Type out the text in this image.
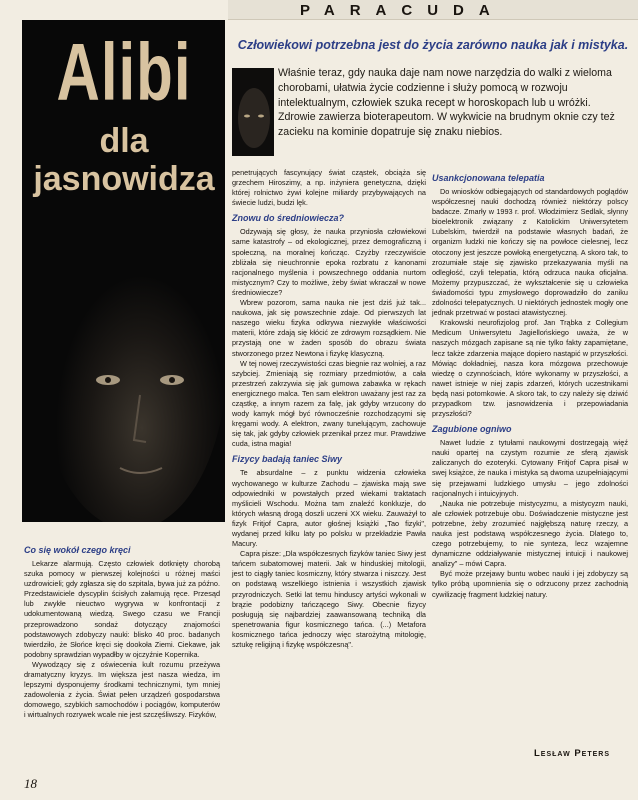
PARACUDA
Alibi
dla
jasnowidza
Człowiekowi potrzebna jest do życia zarówno nauka jak i mistyka.
Właśnie teraz, gdy nauka daje nam nowe narzędzia do walki z wieloma chorobami, ułatwia życie codzienne i służy pomocą w rozwoju intelektualnym, człowiek szuka recept w horoskopach lub u wróżki. Zdrowie zawierza bioterapeutom. W wykwicie na brudnym oknie czy też zacieku na kominie dopatruje się znaku niebios.
Co się wokół czego kręci

Lekarze alarmują. Często człowiek dotknięty chorobą szuka pomocy w pierwszej kolejności u różnej maści uzdrowicieli; gdy zgłasza się do szpitala, bywa już za późno. Przedstawiciele dyscyplin ścisłych załamują ręce. Przesąd lub zwykłe nieuctwo wygrywa w konfrontacji z udokumentowaną wiedzą. Swego czasu we Francji przeprowadzono sondaż dotyczący znajomości podstawowych zdobyczy nauki: blisko 40 proc. badanych twierdziło, że Słońce kręci się dookoła Ziemi. Ciekawe, jak podobny sprawdzian wypadłby w ojczyźnie Kopernika.

Wywodzący się z oświecenia kult rozumu przeżywa dramatyczny kryzys. Im większa jest nasza wiedza, im lepszymi dysponujemy środkami technicznymi, tym mniej zadowolenia z życia. Świat pełen urządzeń gospodarstwa domowego, szybkich samochodów i pociągów, komputerów i wirtualnych rozrywek wcale nie jest szczęśliwszy. Fizyków,

penetrujących fascynujący świat cząstek, obciąża się grzechem Hiroszimy, a np. inżyniera genetyczna, dzięki której rolnictwo żywi kolejne miliardy przybywających na świecie ludzi, budzi lęk.

Znowu do średniowiecza?

Odzywają się głosy, że nauka przyniosła człowiekowi same katastrofy – od ekologicznej, przez demograficzną i społeczną, na moralnej kończąc. Czyżby rzeczywiście zbliżała się nieuchronnie epoka rozbratu z kanonami racjonalnego myślenia i powszechnego oddania nurtom mistycznym? Czy to możliwe, żeby świat wkraczał w nowe średniowiecze?

Wbrew pozorom, sama nauka nie jest dziś już tak... naukowa, jak się powszechnie zdaje. Od pierwszych lat naszego wieku fizyka odkrywa niezwykłe właściwości materii, które zdają się kłócić ze zdrowym rozsądkiem. Nie przystają one w żaden sposób do obrazu świata stworzonego przez Newtona i fizykę klasyczną.

W tej nowej rzeczywistości czas biegnie raz wolniej, a raz szybciej. Zmieniają się rozmiary przedmiotów, a cała przestrzeń zakrzywia się jak gumowa zabawka w rękach energicznego malca. Ten sam elektron uważany jest raz za cząstkę, a innym razem za falę, jak gdyby wrzucony do wody kamyk mógł być równocześnie rozchodzącymi się kręgami wody. A elektron, zwany tunelującym, zachowuje się tak, jak gdyby człowiek przenikał przez mur. Prawdziwe cuda, istna magia!

Fizycy badają taniec Siwy

Te absurdalne – z punktu widzenia człowieka wychowanego w kulturze Zachodu – zjawiska mają swe odpowiedniki w powstałych przed wiekami traktatach myślicieli Wschodu. Można tam znaleźć konkluzje, do których własną drogą doszli uczeni XX wieku. Zauważył to fizyk Fritjof Capra, autor głośnej książki „Tao fizyki", wydanej przed kilku laty po polsku w przekładzie Pawła Macury.

Capra pisze: „Dla współczesnych fizyków taniec Siwy jest tańcem subatomowej materii. Jak w hinduskiej mitologii, jest to ciągły taniec kosmiczny, który stwarza i niszczy. Jest on podstawą wszelkiego istnienia i wszystkich zjawisk przyrodniczych. Setki lat temu hinduscy artyści wykonali w brązie podobizny tańczącego Siwy. Obecnie fizycy posługują się najbardziej zaawansowaną techniką dla spenetrowania figur kosmicznego tańca. (...) Metafora kosmicznego tańca jednoczy więc starożytną mitologię, sztukę religijną i fizykę współczesną".

Usankcjonowana telepatia

Do wniosków odbiegających od standardowych poglądów współczesnej nauki dochodzą również niektórzy polscy badacze. Zmarły w 1993 r. prof. Włodzimierz Sedlak, słynny bioelektronik związany z Katolickim Uniwersytetem Lubelskim, twierdził na podstawie własnych badań, że organizm ludzki nie kończy się na powłoce cielesnej, lecz otoczony jest jeszcze powłoką energetyczną. A skoro tak, to zrozumiałe staje się zjawisko przekazywania myśli na odległość, czyli telepatia, którą odrzuca nauka oficjalna. Możemy przypuszczać, że wykształcenie się u człowieka świadomości typu zmysłowego doprowadziło do zaniku zdolności telepatycznych. U niektórych jednostek mogły one jednak przetrwać w postaci atawistycznej.

Krakowski neurofizjolog prof. Jan Trąbka z Collegium Medicum Uniwersytetu Jagiellońskiego uważa, że w naszych mózgach zapisane są nie tylko fakty zapamiętane, lecz także zdarzenia mające dopiero nastąpić w przyszłości. Mówiąc dokładniej, nasza kora mózgowa przechowuje wiedzę o czynnościach, które wykonamy w przyszłości, a nawet istnieje w niej zapis zdarzeń, których uczestnikami będą nasi potomkowie. A skoro tak, to czy należy się dziwić przypadkom tzw. jasnowidzenia i przepowiadania przyszłości?

Zagubione ogniwo

Nawet ludzie z tytułami naukowymi dostrzegają więź nauki opartej na czystym rozumie ze sferą zjawisk zaliczanych do ezoteryki. Cytowany Fritjof Capra pisał w swej książce, że nauka i mistyka są dwoma uzupełniającymi się przejawami ludzkiego umysłu – jego zdolności racjonalnych i intuicyjnych.

„Nauka nie potrzebuje mistycyzmu, a mistycyzm nauki, ale człowiek potrzebuje obu. Doświadczenie mistyczne jest potrzebne, żeby zrozumieć najgłębszą naturę rzeczy, a nauka jest podstawą współczesnego życia. Dlatego to, czego potrzebujemy, to nie synteza, lecz wzajemne dynamiczne oddziaływanie mistycznej intuicji i naukowej analizy" – mówi Capra.

Być może przejawy buntu wobec nauki i jej zdobyczy są tylko próbą upomnienia się o odrzucony przez zachodnią cywilizację fragment ludzkiej natury.

Lesław Peters
18
